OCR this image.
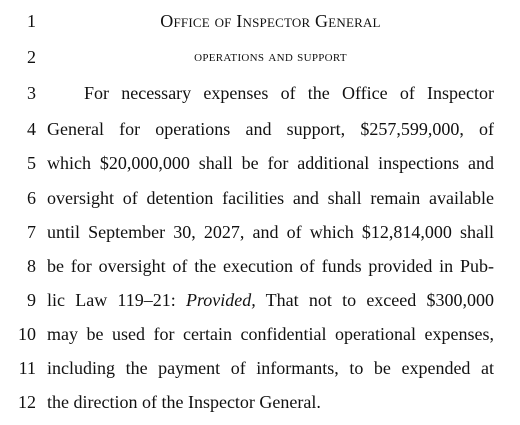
1	Office of Inspector General
2	operations and support
3	For necessary expenses of the Office of Inspector
4 General for operations and support, $257,599,000, of
5 which $20,000,000 shall be for additional inspections and
6 oversight of detention facilities and shall remain available
7 until September 30, 2027, and of which $12,814,000 shall
8 be for oversight of the execution of funds provided in Pub-
9 lic Law 119–21: Provided, That not to exceed $300,000
10 may be used for certain confidential operational expenses,
11 including the payment of informants, to be expended at
12 the direction of the Inspector General.
